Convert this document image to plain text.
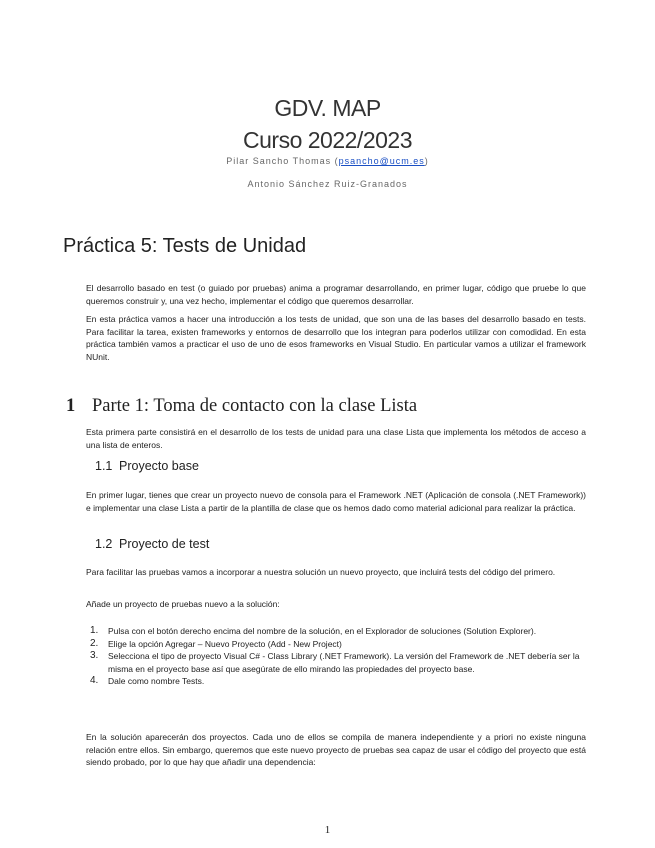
GDV. MAP
Curso 2022/2023
Pilar Sancho Thomas (psancho@ucm.es)
Antonio Sánchez Ruiz-Granados
Práctica 5: Tests de Unidad

El desarrollo basado en test (o guiado por pruebas) anima a programar desarrollando, en primer lugar, código que pruebe lo que queremos construir y, una vez hecho, implementar el código que queremos desarrollar.

En esta práctica vamos a hacer una introducción a los tests de unidad, que son una de las bases del desarrollo basado en tests. Para facilitar la tarea, existen frameworks y entornos de desarrollo que los integran para poderlos utilizar con comodidad. En esta práctica también vamos a practicar el uso de uno de esos frameworks en Visual Studio. En particular vamos a utilizar el framework NUnit.

1 Parte 1: Toma de contacto con la clase Lista

Esta primera parte consistirá en el desarrollo de los tests de unidad para una clase Lista que implementa los métodos de acceso a una lista de enteros.

1.1 Proyecto base

En primer lugar, tienes que crear un proyecto nuevo de consola para el Framework .NET (Aplicación de consola (.NET Framework)) e implementar una clase Lista a partir de la plantilla de clase que os hemos dado como material adicional para realizar la práctica.

1.2 Proyecto de test

Para facilitar las pruebas vamos a incorporar a nuestra solución un nuevo proyecto, que incluirá tests del código del primero.

Añade un proyecto de pruebas nuevo a la solución:

1. Pulsa con el botón derecho encima del nombre de la solución, en el Explorador de soluciones (Solution Explorer).
2. Elige la opción Agregar – Nuevo Proyecto (Add - New Project)
3. Selecciona el tipo de proyecto Visual C# - Class Library (.NET Framework). La versión del Framework de .NET debería ser la misma en el proyecto base así que asegúrate de ello mirando las propiedades del proyecto base.
4. Dale como nombre Tests.

En la solución aparecerán dos proyectos. Cada uno de ellos se compila de manera independiente y a priori no existe ninguna relación entre ellos. Sin embargo, queremos que este nuevo proyecto de pruebas sea capaz de usar el código del proyecto que está siendo probado, por lo que hay que añadir una dependencia:

1
